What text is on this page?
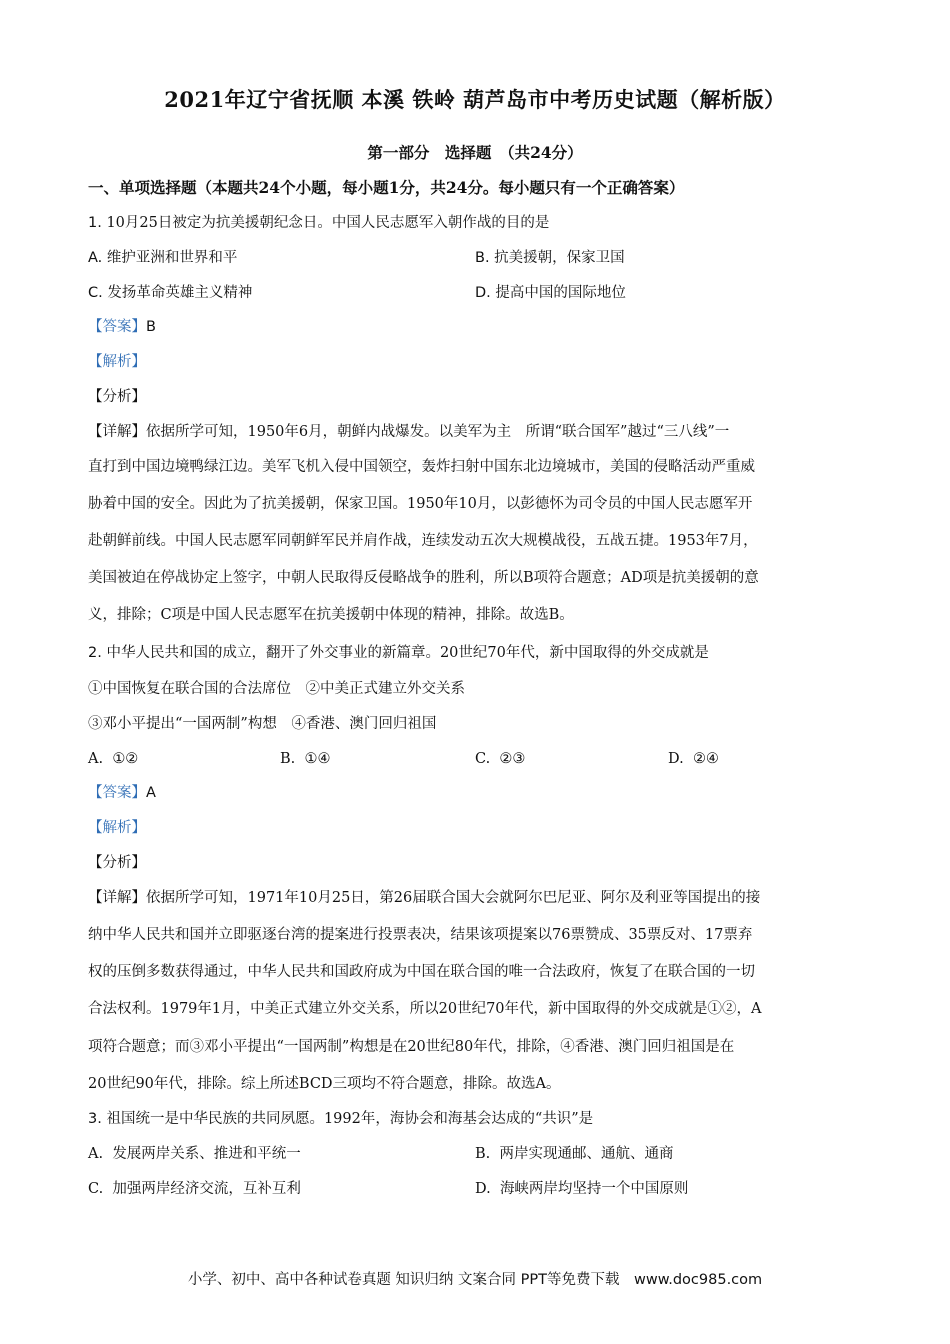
2021年辽宁省抚顺 本溪 铁岭 葫芦岛市中考历史试题（解析版）
第一部分　选择题　（共24分）
一、单项选择题（本题共24个小题，每小题1分，共24分。每小题只有一个正确答案）
1. 10月25日被定为抗美援朝纪念日。中国人民志愿军入朝作战的目的是
A. 维护亚洲和世界和平	B. 抗美援朝，保家卫国
C. 发扬革命英雄主义精神	D. 提高中国的国际地位
【答案】B
【解析】
【分析】
【详解】依据所学可知，1950年6月，朝鲜内战爆发。以美军为主　所谓“联合国军”越过“三八线”一
直打到中国边境鸭绿江边。美军飞机入侵中国领空，轰炸扫射中国东北边境城市，美国的侵略活动严重威
胁着中国的安全。因此为了抗美援朝，保家卫国。1950年10月，以彭德怀为司令员的中国人民志愿军开
赴朝鲜前线。中国人民志愿军同朝鲜军民并肩作战，连续发动五次大规模战役，五战五捷。1953年7月，
美国被迫在停战协定上签字，中朝人民取得反侵略战争的胜利，所以B项符合题意；AD项是抗美援朝的意
义，排除；C项是中国人民志愿军在抗美援朝中体现的精神，排除。故选B。
2. 中华人民共和国的成立，翻开了外交事业的新篇章。20世纪70年代，新中国取得的外交成就是
①中国恢复在联合国的合法席位　②中美正式建立外交关系
③邓小平提出“一国两制”构想　④香港、澳门回归祖国
A. ①②	B. ①④	C. ②③	D. ②④
【答案】A
【解析】
【分析】
【详解】依据所学可知，1971年10月25日，第26届联合国大会就阿尔巴尼亚、阿尔及利亚等国提出的接
纳中华人民共和国并立即驱逐台湾的提案进行投票表决，结果该项提案以76票赞成、35票反对、17票弃
权的压倒多数获得通过，中华人民共和国政府成为中国在联合国的唯一合法政府，恢复了在联合国的一切
合法权利。1979年1月，中美正式建立外交关系，所以20世纪70年代，新中国取得的外交成就是①②，A
项符合题意；而③邓小平提出“一国两制”构想是在20世纪80年代，排除，④香港、澳门回归祖国是在
20世纪90年代，排除。综上所述BCD三项均不符合题意，排除。故选A。
3. 祖国统一是中华民族的共同夙愿。1992年，海协会和海基会达成的“共识”是
A. 发展两岸关系、推进和平统一	B. 两岸实现通邮、通航、通商
C. 加强两岸经济交流，互补互利	D. 海峡两岸均坚持一个中国原则
小学、初中、高中各种试卷真题 知识归纳 文案合同 PPT等免费下载　www.doc985.com
